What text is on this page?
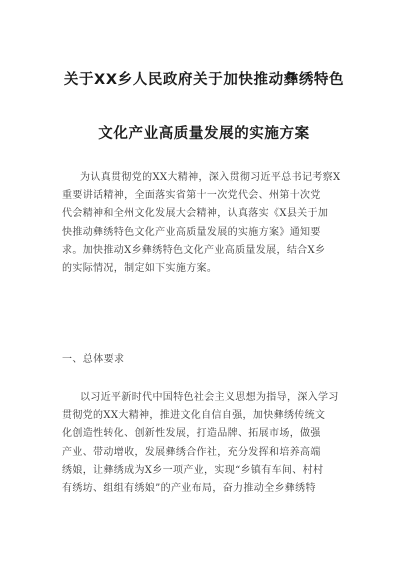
关于XX乡人民政府关于加快推动彝绣特色
文化产业高质量发展的实施方案
为认真贯彻党的XX大精神，深入贯彻习近平总书记考察X
重要讲话精神，全面落实省第十一次党代会、州第十次党
代会精神和全州文化发展大会精神，认真落实《X县关于加
快推动彝绣特色文化产业高质量发展的实施方案》通知要
求。加快推动X乡彝绣特色文化产业高质量发展，结合X乡
的实际情况，制定如下实施方案。
一、总体要求
以习近平新时代中国特色社会主义思想为指导，深入学习
贯彻党的XX大精神，推进文化自信自强，加快彝绣传统文
化创造性转化、创新性发展，打造品牌、拓展市场，做强
产业、带动增收，发展彝绣合作社，充分发挥和培养高端
绣娘，让彝绣成为X乡一项产业，实现“乡镇有车间、村村
有绣坊、组组有绣娘”的产业布局，奋力推动全乡彝绣特
